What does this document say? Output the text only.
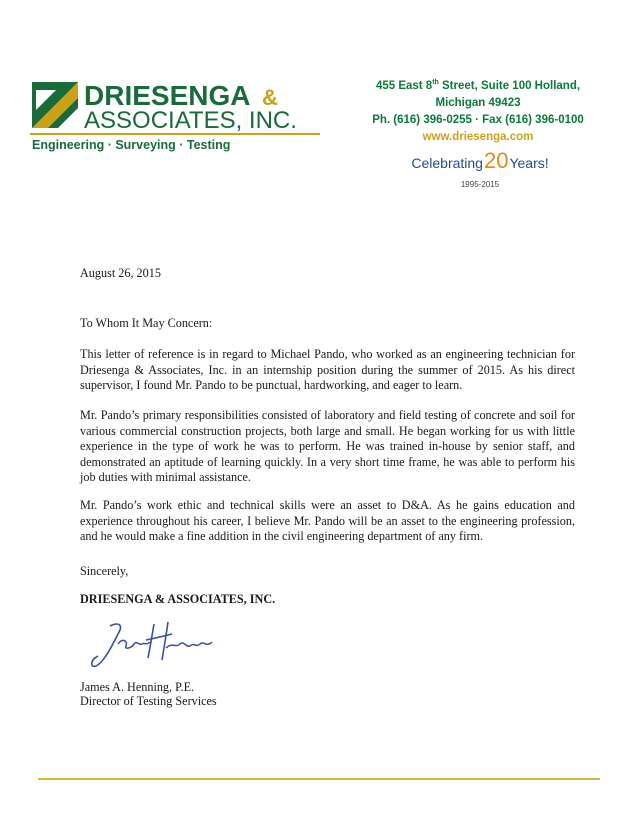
DRIESENGA &
ASSOCIATES, INC.
Engineering · Surveying · Testing
455 East 8th Street, Suite 100 Holland,
Michigan 49423
Ph. (616) 396-0255 · Fax (616) 396-0100
www.driesenga.com
Celebrating20Years!
1995-2015
August 26, 2015
To Whom It May Concern:
This letter of reference is in regard to Michael Pando, who worked as an engineering technician for Driesenga & Associates, Inc. in an internship position during the summer of 2015. As his direct supervisor, I found Mr. Pando to be punctual, hardworking, and eager to learn.
Mr. Pando’s primary responsibilities consisted of laboratory and field testing of concrete and soil for various commercial construction projects, both large and small. He began working for us with little experience in the type of work he was to perform. He was trained in-house by senior staff, and demonstrated an aptitude of learning quickly. In a very short time frame, he was able to perform his job duties with minimal assistance.
Mr. Pando’s work ethic and technical skills were an asset to D&A. As he gains education and experience throughout his career, I believe Mr. Pando will be an asset to the engineering profession, and he would make a fine addition in the civil engineering department of any firm.
Sincerely,
DRIESENGA & ASSOCIATES, INC.
James A. Henning, P.E.
Director of Testing Services
